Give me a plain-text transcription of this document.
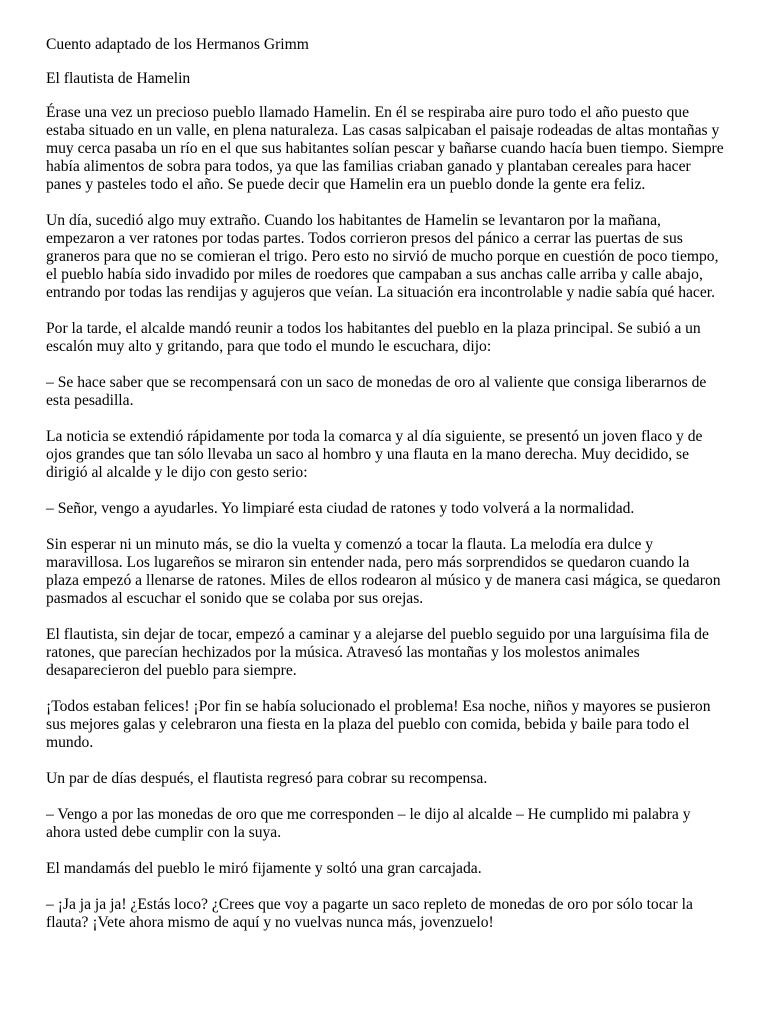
Cuento adaptado de los Hermanos Grimm

El flautista de Hamelin

Érase una vez un precioso pueblo llamado Hamelin. En él se respiraba aire puro todo el año puesto que estaba situado en un valle, en plena naturaleza. Las casas salpicaban el paisaje rodeadas de altas montañas y muy cerca pasaba un río en el que sus habitantes solían pescar y bañarse cuando hacía buen tiempo. Siempre había alimentos de sobra para todos, ya que las familias criaban ganado y plantaban cereales para hacer panes y pasteles todo el año. Se puede decir que Hamelin era un pueblo donde la gente era feliz.

Un día, sucedió algo muy extraño. Cuando los habitantes de Hamelin se levantaron por la mañana, empezaron a ver ratones por todas partes. Todos corrieron presos del pánico a cerrar las puertas de sus graneros para que no se comieran el trigo. Pero esto no sirvió de mucho porque en cuestión de poco tiempo, el pueblo había sido invadido por miles de roedores que campaban a sus anchas calle arriba y calle abajo, entrando por todas las rendijas y agujeros que veían. La situación era incontrolable y nadie sabía qué hacer.

Por la tarde, el alcalde mandó reunir a todos los habitantes del pueblo en la plaza principal. Se subió a un escalón muy alto y gritando, para que todo el mundo le escuchara, dijo:

– Se hace saber que se recompensará con un saco de monedas de oro al valiente que consiga liberarnos de esta pesadilla.

La noticia se extendió rápidamente por toda la comarca y al día siguiente, se presentó un joven flaco y de ojos grandes que tan sólo llevaba un saco al hombro y una flauta en la mano derecha. Muy decidido, se dirigió al alcalde y le dijo con gesto serio:

– Señor, vengo a ayudarles. Yo limpiaré esta ciudad de ratones y todo volverá a la normalidad.

Sin esperar ni un minuto más, se dio la vuelta y comenzó a tocar la flauta. La melodía era dulce y maravillosa. Los lugareños se miraron sin entender nada, pero más sorprendidos se quedaron cuando la plaza empezó a llenarse de ratones. Miles de ellos rodearon al músico y de manera casi mágica, se quedaron pasmados al escuchar el sonido que se colaba por sus orejas.

El flautista, sin dejar de tocar, empezó a caminar y a alejarse del pueblo seguido por una larguísima fila de ratones, que parecían hechizados por la música. Atravesó las montañas y los molestos animales desaparecieron del pueblo para siempre.

¡Todos estaban felices! ¡Por fin se había solucionado el problema! Esa noche, niños y mayores se pusieron sus mejores galas y celebraron una fiesta en la plaza del pueblo con comida, bebida y baile para todo el mundo.

Un par de días después, el flautista regresó para cobrar su recompensa.

– Vengo a por las monedas de oro que me corresponden – le dijo al alcalde – He cumplido mi palabra y ahora usted debe cumplir con la suya.

El mandamás del pueblo le miró fijamente y soltó una gran carcajada.

– ¡Ja ja ja ja! ¿Estás loco? ¿Crees que voy a pagarte un saco repleto de monedas de oro por sólo tocar la flauta? ¡Vete ahora mismo de aquí y no vuelvas nunca más, jovenzuelo!
